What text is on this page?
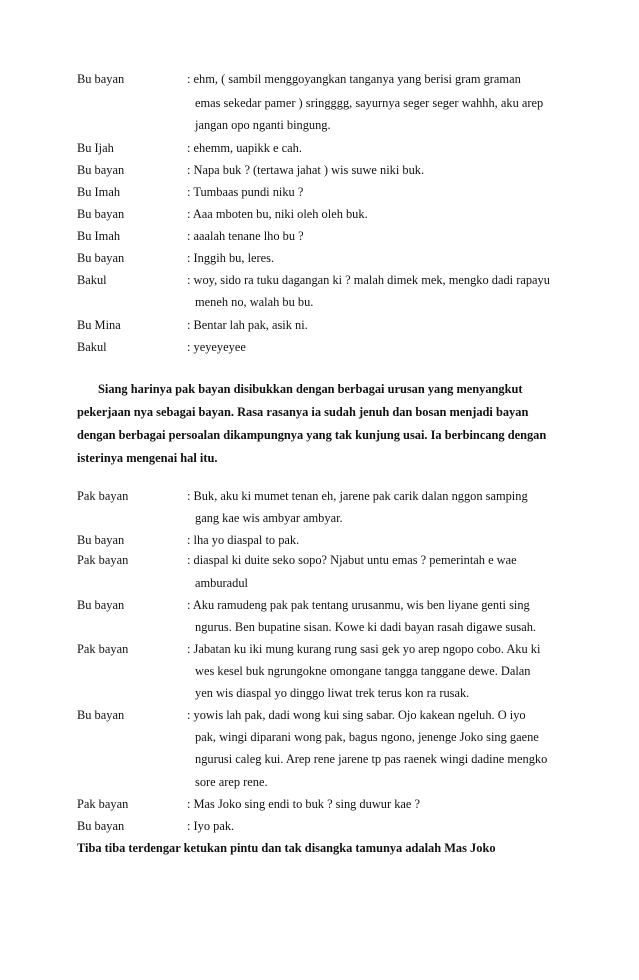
Bu bayan	: ehm, ( sambil menggoyangkan tanganya yang berisi gram graman
emas sekedar pamer ) sringggg, sayurnya seger seger wahhh, aku arep
jangan opo nganti bingung.
Bu Ijah	: ehemm, uapikk e cah.
Bu bayan	: Napa buk ? (tertawa jahat ) wis suwe niki buk.
Bu Imah	: Tumbaas pundi niku ?
Bu bayan	: Aaa mboten bu, niki oleh oleh buk.
Bu Imah	: aaalah tenane lho bu ?
Bu bayan	: Inggih bu, leres.
Bakul	: woy, sido ra tuku dagangan ki ? malah dimek mek, mengko dadi rapayu
meneh no, walah bu bu.
Bu Mina	: Bentar lah pak, asik ni.
Bakul	: yeyeyeyee
Siang harinya pak bayan disibukkan dengan berbagai urusan yang menyangkut
pekerjaan nya sebagai bayan. Rasa rasanya ia sudah jenuh dan bosan menjadi bayan
dengan berbagai persoalan dikampungnya yang tak kunjung usai. Ia berbincang dengan
isterinya mengenai hal itu.
Pak bayan	: Buk, aku ki mumet tenan eh, jarene pak carik dalan nggon samping
gang kae wis ambyar ambyar.
Bu bayan	: lha yo diaspal to pak.
Pak bayan	: diaspal ki duite seko sopo? Njabut untu emas ? pemerintah e wae
amburadul
Bu bayan	: Aku ramudeng pak pak tentang urusanmu, wis ben liyane genti sing
ngurus. Ben bupatine sisan. Kowe ki dadi bayan rasah digawe susah.
Pak bayan	: Jabatan ku iki mung kurang rung sasi gek yo arep ngopo cobo. Aku ki
wes kesel buk ngrungokne omongane tangga tanggane dewe. Dalan
yen wis diaspal yo dinggo liwat trek terus kon ra rusak.
Bu bayan	: yowis lah pak, dadi wong kui sing sabar. Ojo kakean ngeluh. O iyo
pak, wingi diparani wong pak, bagus ngono, jenenge Joko sing gaene
ngurusi caleg kui. Arep rene jarene tp pas raenek wingi dadine mengko
sore arep rene.
Pak bayan	: Mas Joko sing endi to buk ? sing duwur kae ?
Bu bayan	: Iyo pak.
Tiba tiba terdengar ketukan pintu dan tak disangka tamunya adalah Mas Joko
